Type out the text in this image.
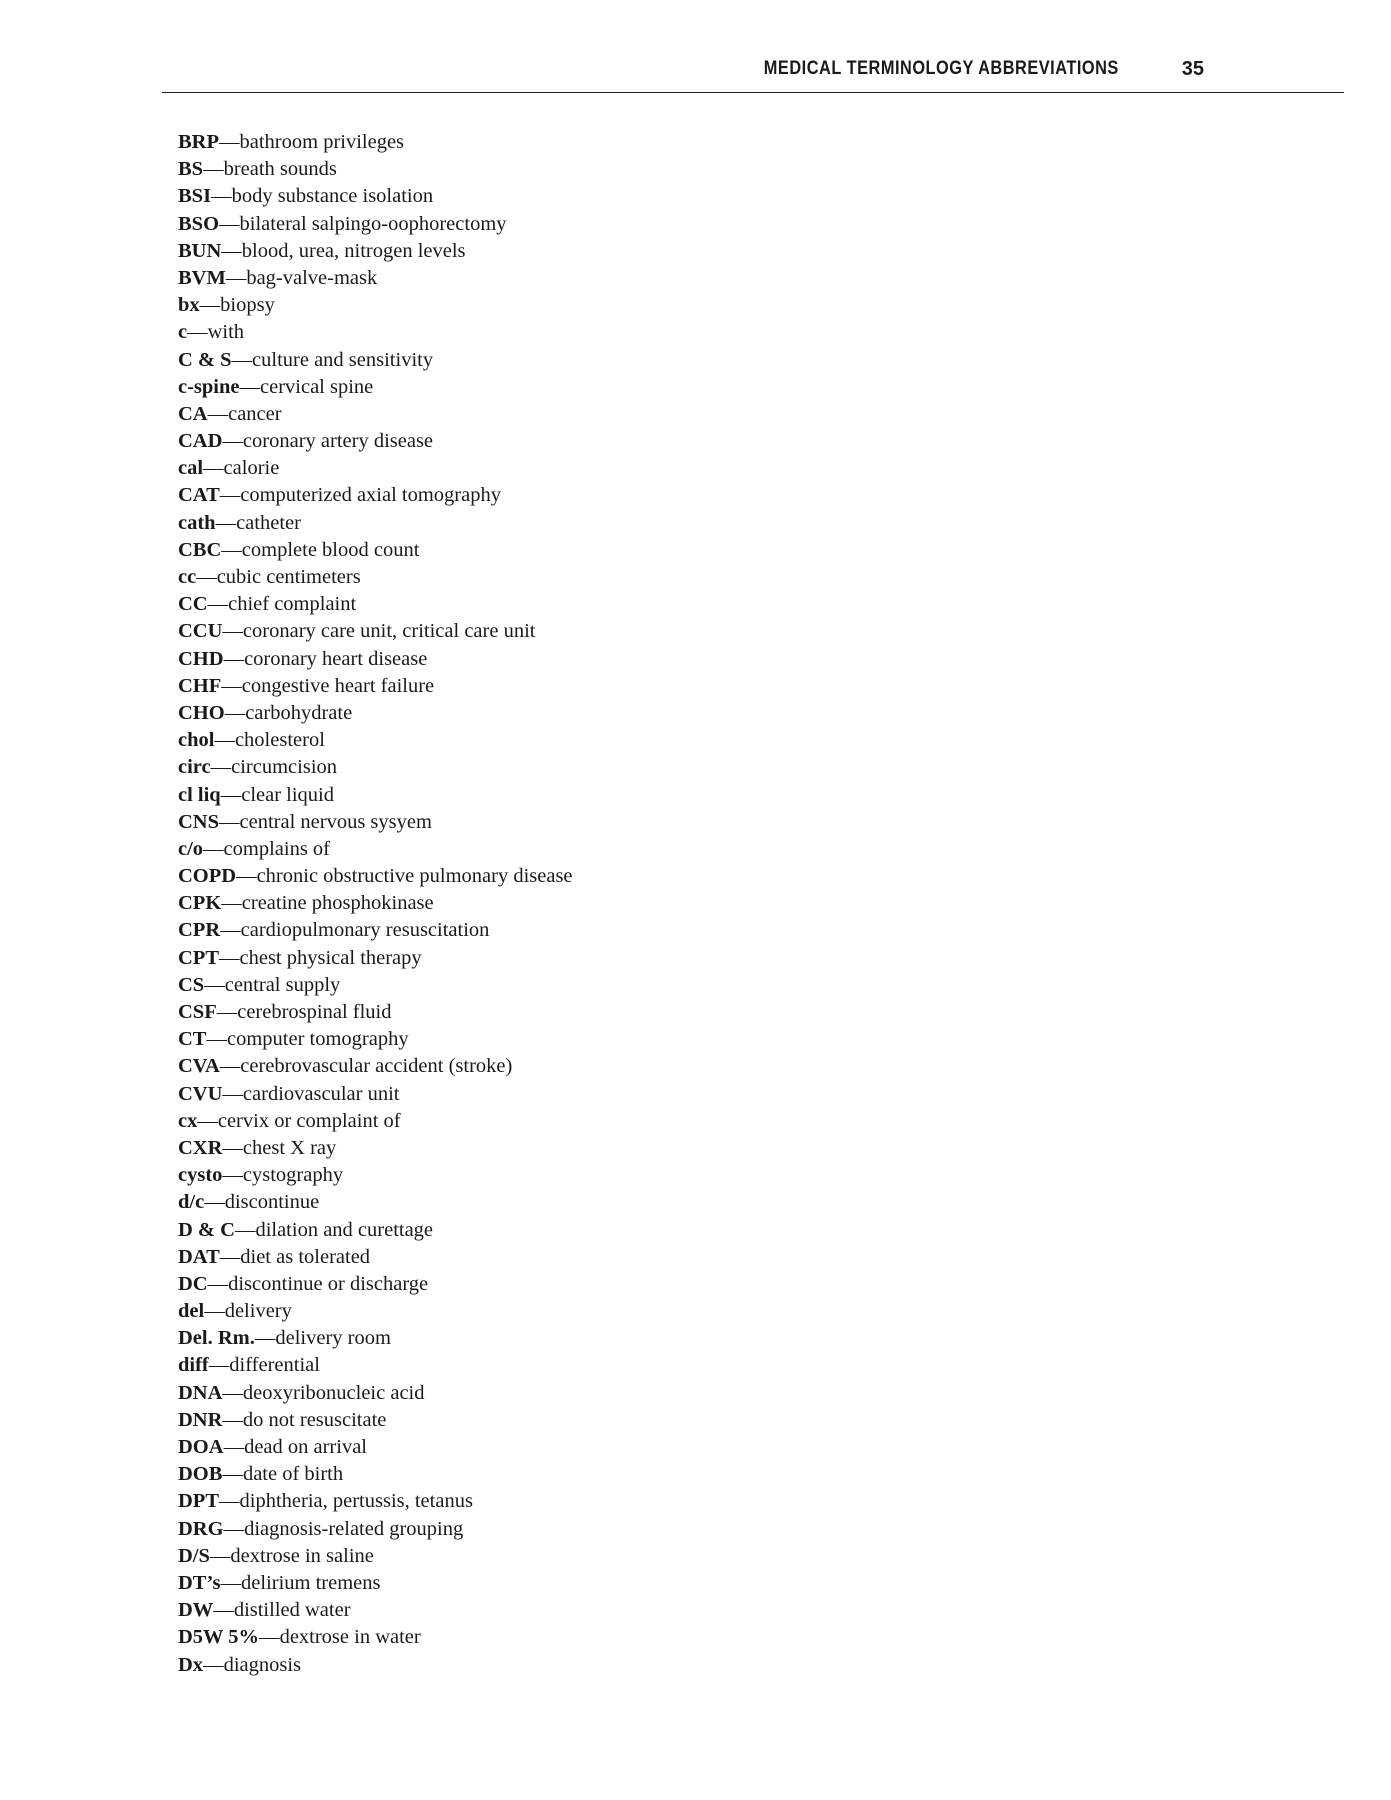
MEDICAL TERMINOLOGY ABBREVIATIONS	35
BRP—bathroom privileges
BS—breath sounds
BSI—body substance isolation
BSO—bilateral salpingo-oophorectomy
BUN—blood, urea, nitrogen levels
BVM—bag-valve-mask
bx—biopsy
c—with
C & S—culture and sensitivity
c-spine—cervical spine
CA—cancer
CAD—coronary artery disease
cal—calorie
CAT—computerized axial tomography
cath—catheter
CBC—complete blood count
cc—cubic centimeters
CC—chief complaint
CCU—coronary care unit, critical care unit
CHD—coronary heart disease
CHF—congestive heart failure
CHO—carbohydrate
chol—cholesterol
circ—circumcision
cl liq—clear liquid
CNS—central nervous sysyem
c/o—complains of
COPD—chronic obstructive pulmonary disease
CPK—creatine phosphokinase
CPR—cardiopulmonary resuscitation
CPT—chest physical therapy
CS—central supply
CSF—cerebrospinal fluid
CT—computer tomography
CVA—cerebrovascular accident (stroke)
CVU—cardiovascular unit
cx—cervix or complaint of
CXR—chest X ray
cysto—cystography
d/c—discontinue
D & C—dilation and curettage
DAT—diet as tolerated
DC—discontinue or discharge
del—delivery
Del. Rm.—delivery room
diff—differential
DNA—deoxyribonucleic acid
DNR—do not resuscitate
DOA—dead on arrival
DOB—date of birth
DPT—diphtheria, pertussis, tetanus
DRG—diagnosis-related grouping
D/S—dextrose in saline
DT’s—delirium tremens
DW—distilled water
D5W 5%—dextrose in water
Dx—diagnosis
